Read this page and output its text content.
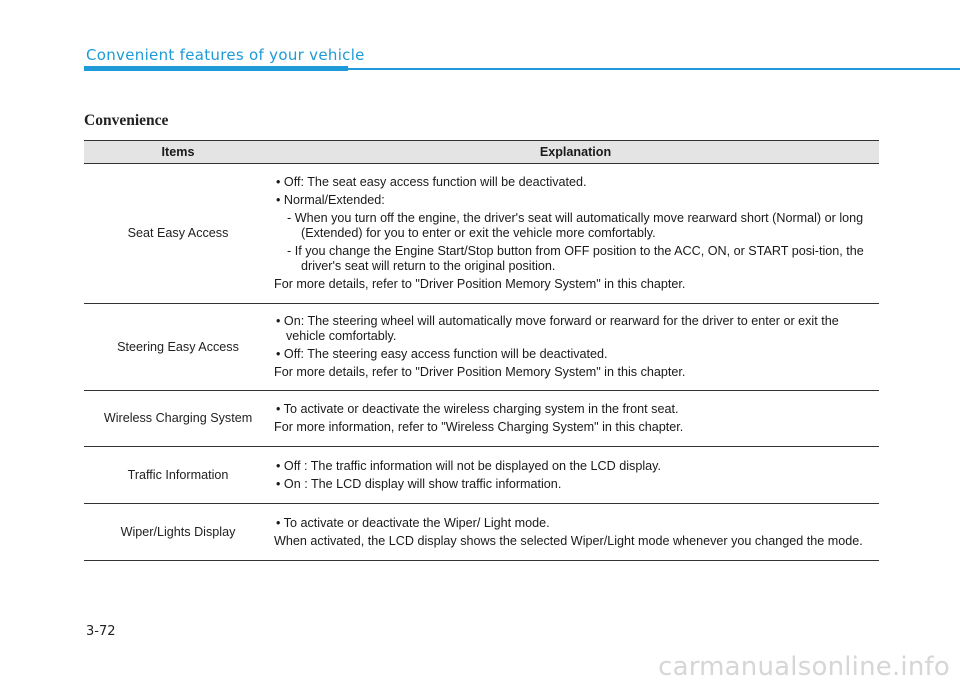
Convenient features of your vehicle
Convenience
Items	Explanation
Seat Easy Access	• Off: The seat easy access function will be deactivated.
• Normal/Extended:
- When you turn off the engine, the driver's seat will automatically move rearward short (Normal) or long (Extended) for you to enter or exit the vehicle more comfortably.
- If you change the Engine Start/Stop button from OFF position to the ACC, ON, or START posi-tion, the driver's seat will return to the original position.
For more details, refer to "Driver Position Memory System" in this chapter.

Steering Easy Access	• On: The steering wheel will automatically move forward or rearward for the driver to enter or exit the vehicle comfortably.
• Off: The steering easy access function will be deactivated.
For more details, refer to "Driver Position Memory System" in this chapter.

Wireless Charging System	• To activate or deactivate the wireless charging system in the front seat.
For more information, refer to "Wireless Charging System" in this chapter.

Traffic Information	• Off : The traffic information will not be displayed on the LCD display.
• On : The LCD display will show traffic information.

Wiper/Lights Display	• To activate or deactivate the Wiper/ Light mode.
When activated, the LCD display shows the selected Wiper/Light mode whenever you changed the mode.
3-72
carmanualsonline.info
